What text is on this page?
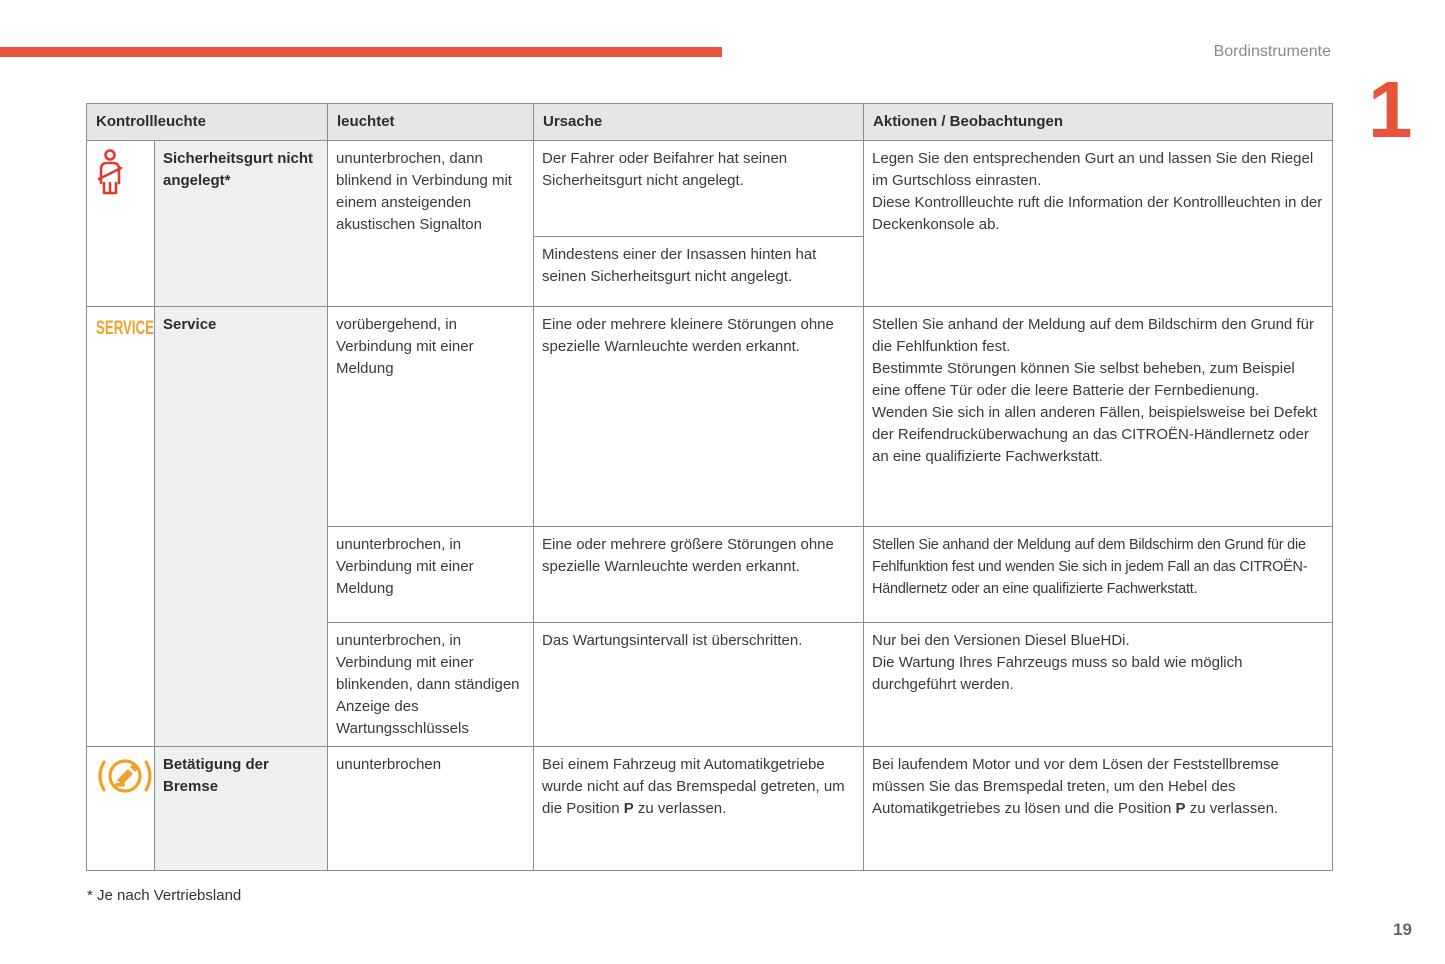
Bordinstrumente
1
Kontrollleuchte		leuchtet	Ursache	Aktionen / Beobachtungen
	Sicherheitsgurt nicht angelegt*	ununterbrochen, dann blinkend in Verbindung mit einem ansteigenden akustischen Signalton	Der Fahrer oder Beifahrer hat seinen Sicherheitsgurt nicht angelegt.	Legen Sie den entsprechenden Gurt an und lassen Sie den Riegel im Gurtschloss einrasten.
Diese Kontrollleuchte ruft die Information der Kontrollleuchten in der Deckenkonsole ab.
			Mindestens einer der Insassen hinten hat seinen Sicherheitsgurt nicht angelegt.	

SERVICE	Service	vorübergehend, in Verbindung mit einer Meldung	Eine oder mehrere kleinere Störungen ohne spezielle Warnleuchte werden erkannt.	Stellen Sie anhand der Meldung auf dem Bildschirm den Grund für die Fehlfunktion fest.
Bestimmte Störungen können Sie selbst beheben, zum Beispiel eine offene Tür oder die leere Batterie der Fernbedienung.
Wenden Sie sich in allen anderen Fällen, beispielsweise bei Defekt der Reifendrucküberwachung an das CITROËN-Händlernetz oder an eine qualifizierte Fachwerkstatt.
		ununterbrochen, in Verbindung mit einer Meldung	Eine oder mehrere größere Störungen ohne spezielle Warnleuchte werden erkannt.	Stellen Sie anhand der Meldung auf dem Bildschirm den Grund für die Fehlfunktion fest und wenden Sie sich in jedem Fall an das CITROËN-Händlernetz oder an eine qualifizierte Fachwerkstatt.
		ununterbrochen, in Verbindung mit einer blinkenden, dann ständigen Anzeige des Wartungsschlüssels	Das Wartungsintervall ist überschritten.	Nur bei den Versionen Diesel BlueHDi.
Die Wartung Ihres Fahrzeugs muss so bald wie möglich durchgeführt werden.
	Betätigung der Bremse	ununterbrochen	Bei einem Fahrzeug mit Automatikgetriebe wurde nicht auf das Bremspedal getreten, um die Position P zu verlassen.	Bei laufendem Motor und vor dem Lösen der Feststellbremse müssen Sie das Bremspedal treten, um den Hebel des Automatikgetriebes zu lösen und die Position P zu verlassen.
* Je nach Vertriebsland
19
